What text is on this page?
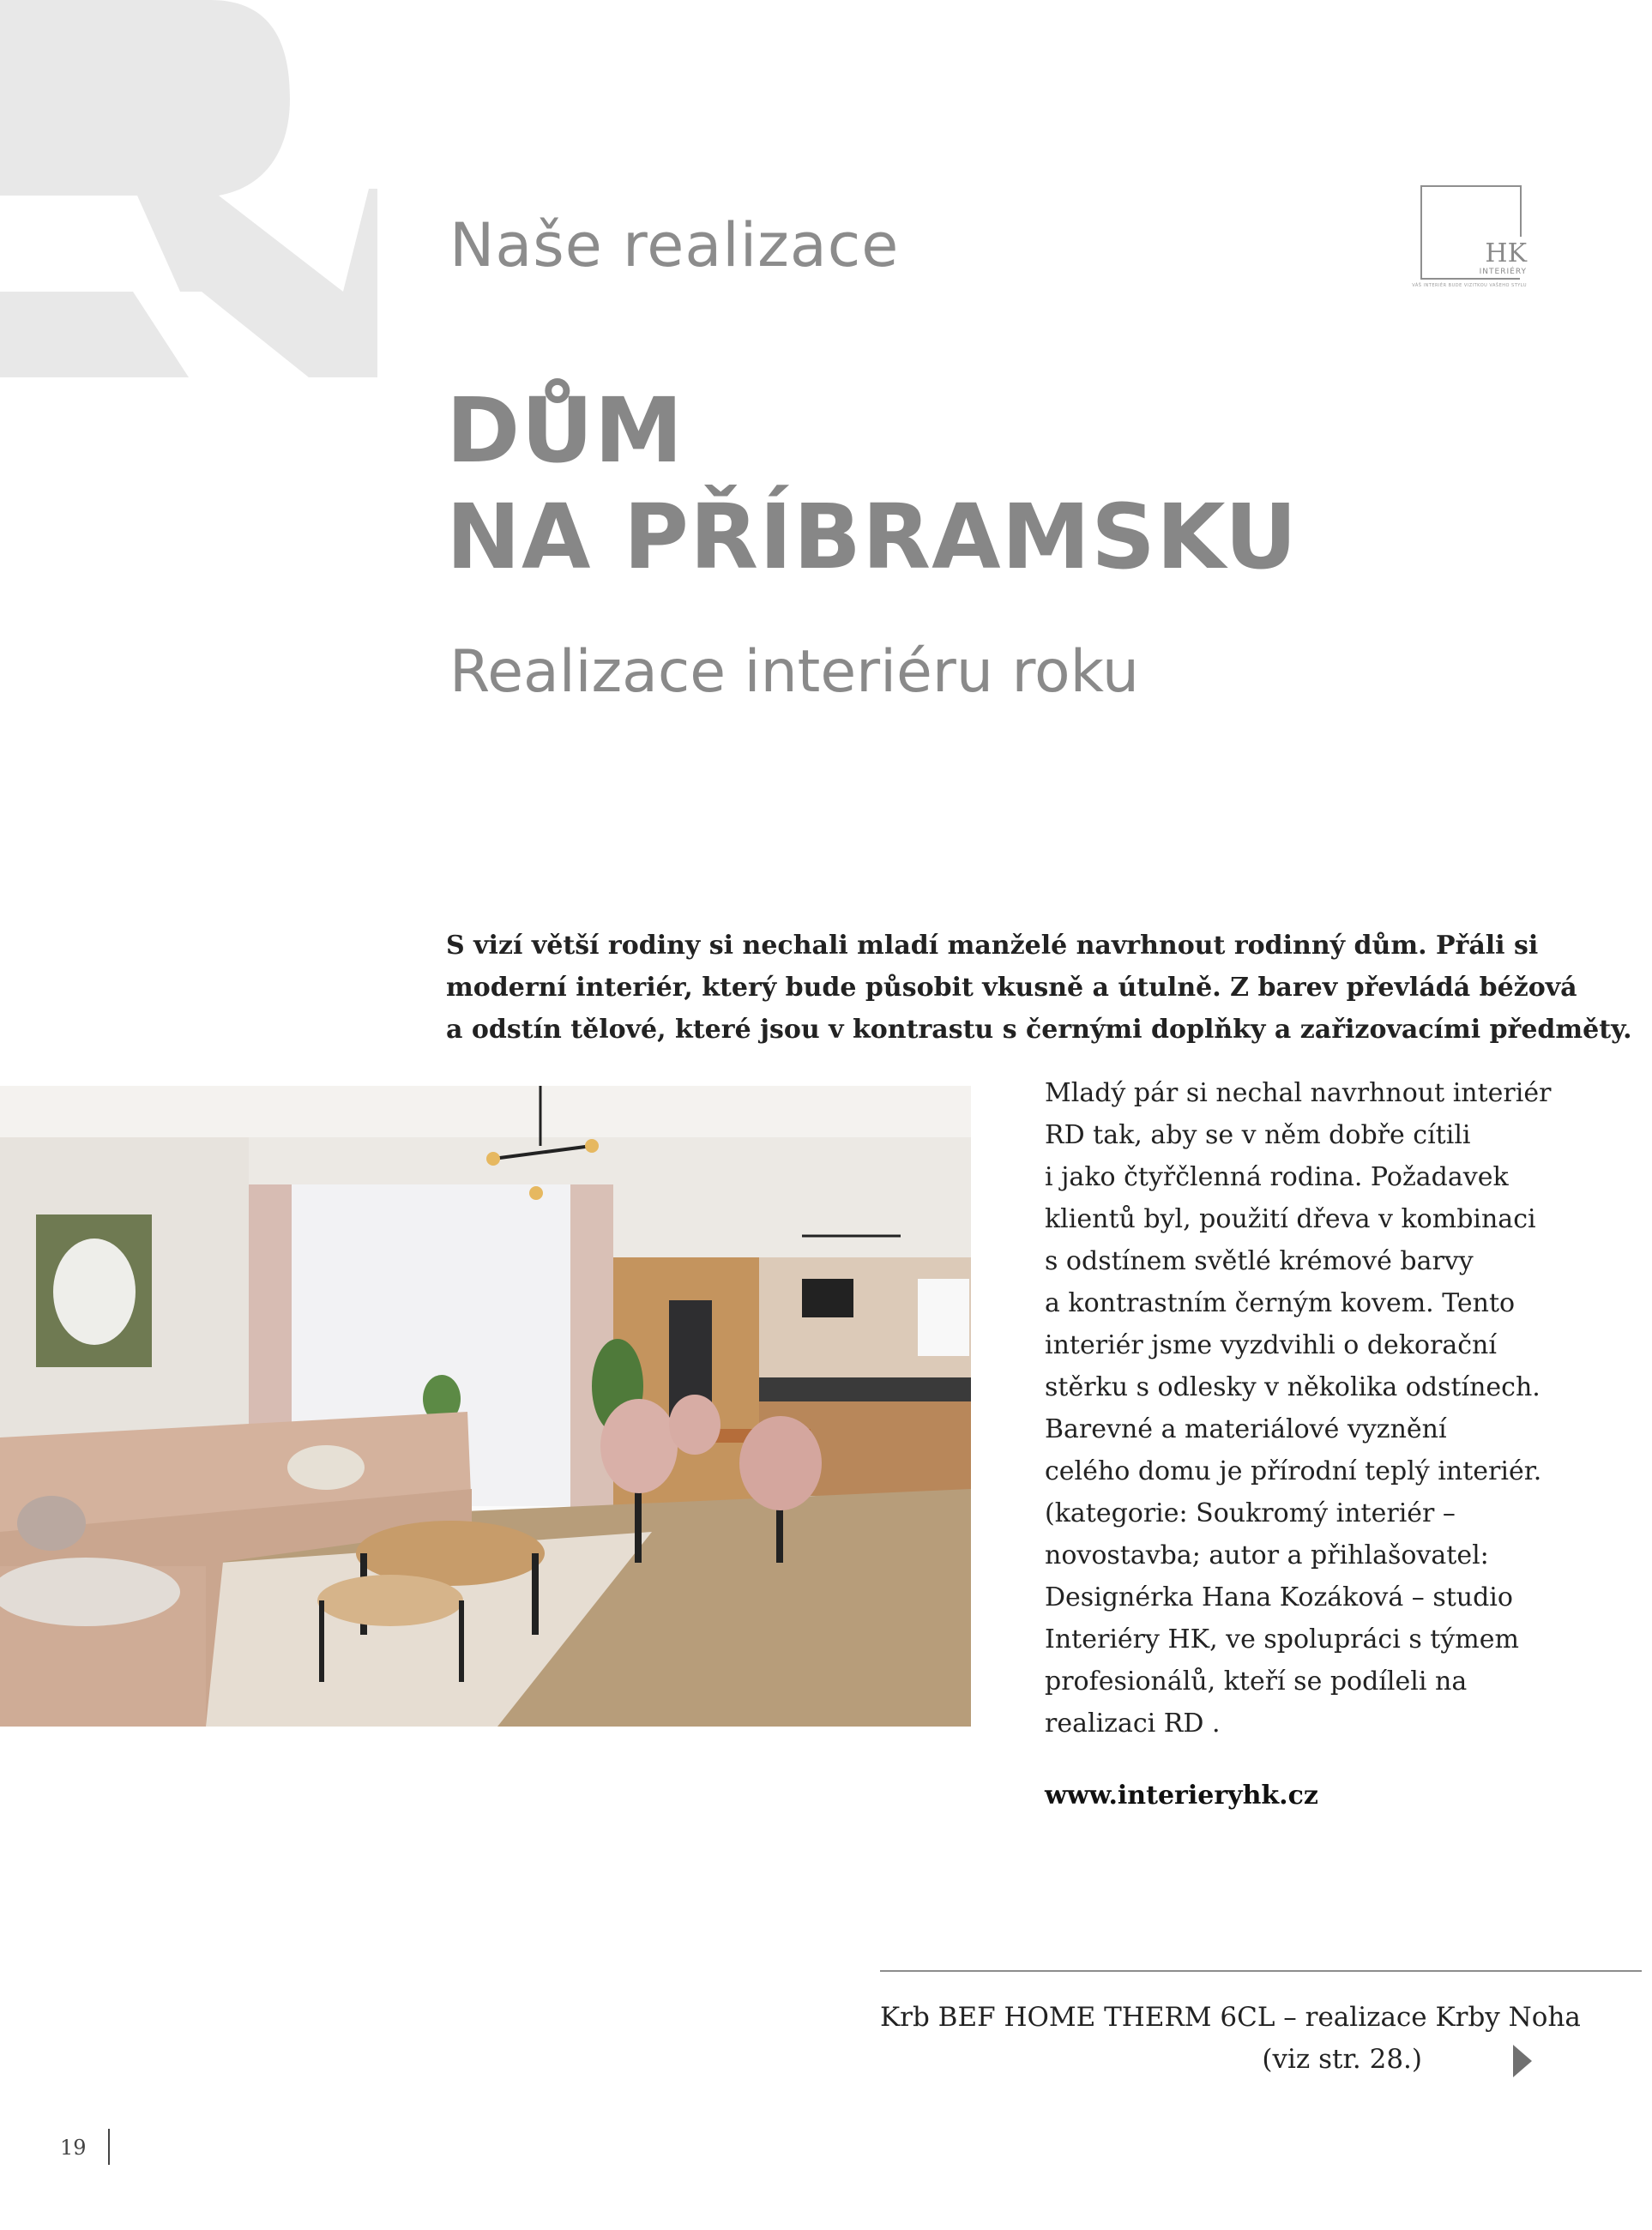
Naše realizace	HK
INTERIÉRY
VÁŠ INTERIÉR BUDE VIZITKOU VAŠEHO STYLU
DŮM
NA PŘÍBRAMSKU
Realizace interiéru roku

S vizí větší rodiny si nechali mladí manželé navrhnout rodinný dům. Přáli si
moderní interiér, který bude působit vkusně a útulně. Z barev převládá béžová
a odstín tělové, které jsou v kontrastu s černými doplňky a zařizovacími předměty.

Mladý pár si nechal navrhnout interiér
RD tak, aby se v něm dobře cítili
i jako čtyřčlenná rodina. Požadavek
klientů byl, použití dřeva v kombinaci
s odstínem světlé krémové barvy
a kontrastním černým kovem. Tento
interiér jsme vyzdvihli o dekorační
stěrku s odlesky v několika odstínech.
Barevné a materiálové vyznění
celého domu je přírodní teplý interiér.
(kategorie: Soukromý interiér –
novostavba; autor a přihlašovatel:
Designérka Hana Kozáková – studio
Interiéry HK, ve spolupráci s týmem
profesionálů, kteří se podíleli na
realizaci RD .

www.interieryhk.cz
Krb BEF HOME THERM 6CL – realizace Krby Noha
(viz str. 28.)
19
